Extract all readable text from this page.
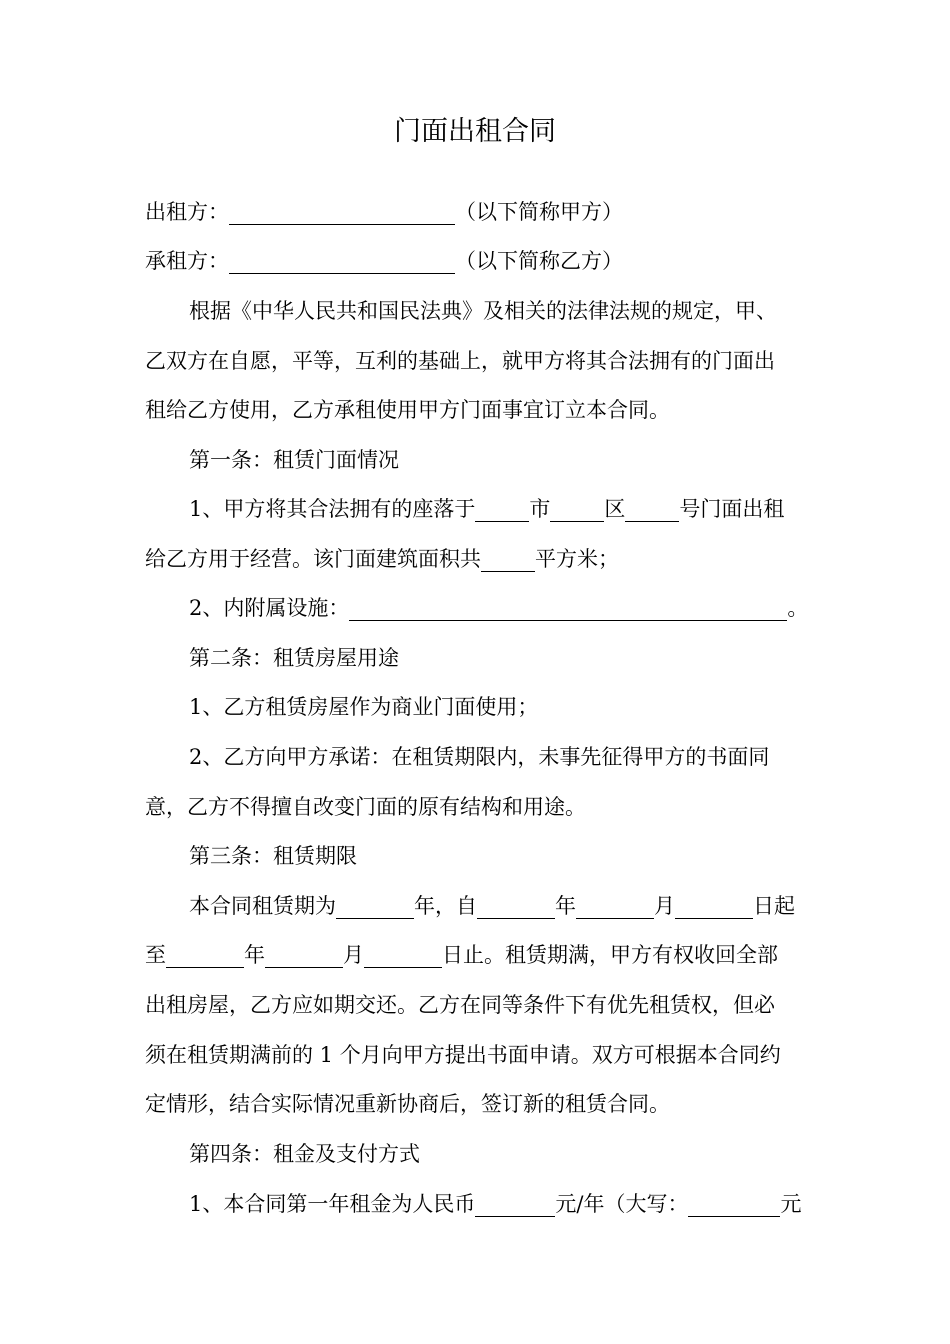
门面出租合同
出租方：	（以下简称甲方）
承租方：	（以下简称乙方）
根据《中华人民共和国民法典》及相关的法律法规的规定，甲、
乙双方在自愿，平等，互利的基础上，就甲方将其合法拥有的门面出
租给乙方使用，乙方承租使用甲方门面事宜订立本合同。
第一条：租赁门面情况
1、甲方将其合法拥有的座落于	市	区	号门面出租
给乙方用于经营。该门面建筑面积共	平方米；
2、内附属设施：	。
第二条：租赁房屋用途
1、乙方租赁房屋作为商业门面使用；
2、乙方向甲方承诺：在租赁期限内，未事先征得甲方的书面同
意，乙方不得擅自改变门面的原有结构和用途。
第三条：租赁期限
本合同租赁期为	年，自	年	月	日起
至	年	月	日止。租赁期满，甲方有权收回全部
出租房屋，乙方应如期交还。乙方在同等条件下有优先租赁权，但必
须在租赁期满前的 1 个月向甲方提出书面申请。双方可根据本合同约
定情形，结合实际情况重新协商后，签订新的租赁合同。
第四条：租金及支付方式
1、本合同第一年租金为人民币	元/年（大写：	元
